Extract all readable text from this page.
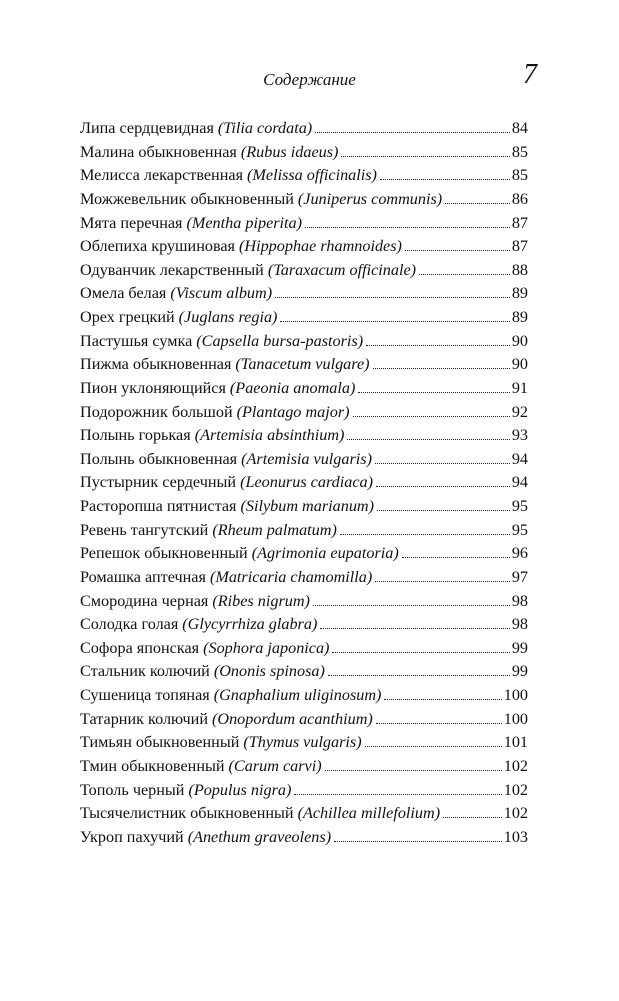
Содержание	7
Липа сердцевидная (Tilia cordata)	84
Малина обыкновенная (Rubus idaeus)	85
Мелисса лекарственная (Melissa officinalis)	85
Можжевельник обыкновенный (Juniperus communis)	86
Мята перечная (Mentha piperita)	87
Облепиха крушиновая (Hippophae rhamnoides)	87
Одуванчик лекарственный (Taraxacum officinale)	88
Омела белая (Viscum album)	89
Орех грецкий (Juglans regia)	89
Пастушья сумка (Capsella bursa-pastoris)	90
Пижма обыкновенная (Tanacetum vulgare)	90
Пион уклоняющийся (Paeonia anomala)	91
Подорожник большой (Plantago major)	92
Полынь горькая (Artemisia absinthium)	93
Полынь обыкновенная (Artemisia vulgaris)	94
Пустырник сердечный (Leonurus cardiaca)	94
Расторопша пятнистая (Silybum marianum)	95
Ревень тангутский (Rheum palmatum)	95
Репешок обыкновенный (Agrimonia eupatoria)	96
Ромашка аптечная (Matricaria chamomilla)	97
Смородина черная (Ribes nigrum)	98
Солодка голая (Glycyrrhiza glabra)	98
Софора японская (Sophora japonica)	99
Стальник колючий (Ononis spinosa)	99
Сушеница топяная (Gnaphalium uliginosum)	100
Татарник колючий (Onopordum acanthium)	100
Тимьян обыкновенный (Thymus vulgaris)	101
Тмин обыкновенный (Carum carvi)	102
Тополь черный (Populus nigra)	102
Тысячелистник обыкновенный (Achillea millefolium)	102
Укроп пахучий (Anethum graveolens)	103
